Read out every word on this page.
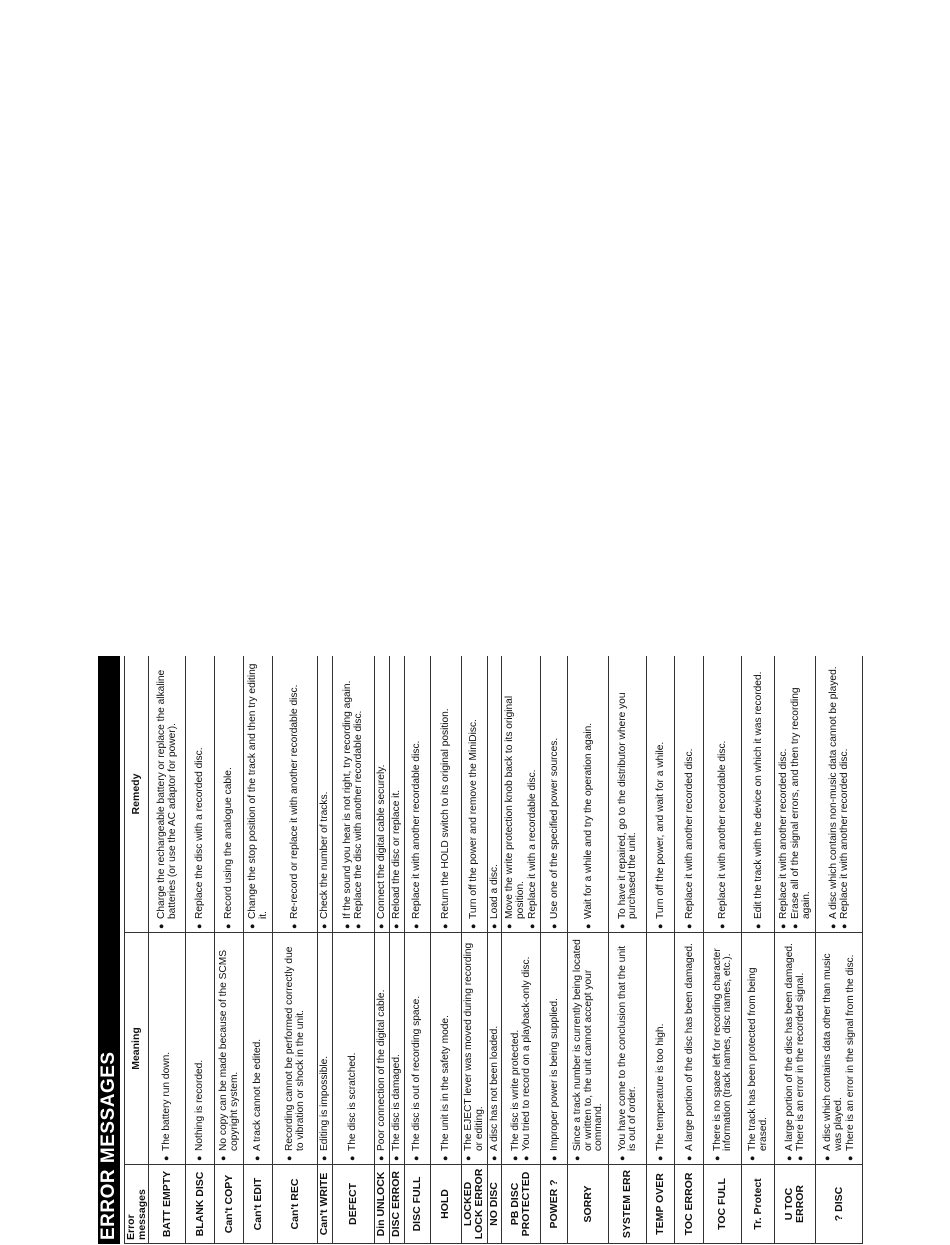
ERROR MESSAGES Error messages	Meaning	Remedy

BATT EMPTY	● The battery run down.	● Charge the rechargeable battery or replace the alkaline batteries (or use the AC adaptor for power).

BLANK DISC	● Nothing is recorded.	● Replace the disc with a recorded disc.

Can't COPY	● No copy can be made because of the SCMS copyright system.	● Record using the analogue cable.

Can't EDIT	● A track cannot be edited.	● Change the stop position of the track and then try editing it.

Can't REC	● Recording cannot be performed correctly due to vibration or shock in the unit.	● Re-record or replace it with another recordable disc.

Can't WRITE	● Editing is impossible.	● Check the number of tracks.

DEFECT	● The disc is scratched.	● If the sound you hear is not right, try recording again. ● Replace the disc with another recordable disc.

Din UNLOCK	● Poor connection of the digital cable.	● Connect the digital cable securely.

DISC ERROR	● The disc is damaged.	● Reload the disc or replace it.

DISC FULL	● The disc is out of recording space.	● Replace it with another recordable disc.

HOLD	● The unit is in the safety mode.	● Return the HOLD switch to its original position.

LOCKED LOCK ERROR	● The EJECT lever was moved during recording or editing.	● Turn off the power and remove the MiniDisc.

NO DISC	● A disc has not been loaded.	● Load a disc.

PB DISC PROTECTED	● The disc is write protected. ● You tried to record on a playback-only disc.	● Move the write protection knob back to its original position. ● Replace it with a recordable disc.

POWER ?	● Improper power is being supplied.	● Use one of the specified power sources.

SORRY	● Since a track number is currently being located or written to, the unit cannot accept your command.	● Wait for a while and try the operation again.

SYSTEM ERR	● You have come to the conclusion that the unit is out of order.	● To have it repaired, go to the distributor where you purchased the unit.

TEMP OVER	● The temperature is too high.	● Turn off the power, and wait for a while.

TOC ERROR	● A large portion of the disc has been damaged.	● Replace it with another recorded disc.

TOC FULL	● There is no space left for recording character information (track names, disc names, etc.).	● Replace it with another recordable disc.

Tr. Protect	● The track has been protected from being erased.	● Edit the track with the device on which it was recorded.

U TOC ERROR	● A large portion of the disc has been damaged. ● There is an error in the recorded signal.	● Replace it with another recorded disc. ● Erase all of the signal errors, and then try recording again.

? DISC	● A disc which contains data other than music was played. ● There is an error in the signal from the disc.	● A disc which contains non-music data cannot be played. ● Replace it with another recorded disc.
